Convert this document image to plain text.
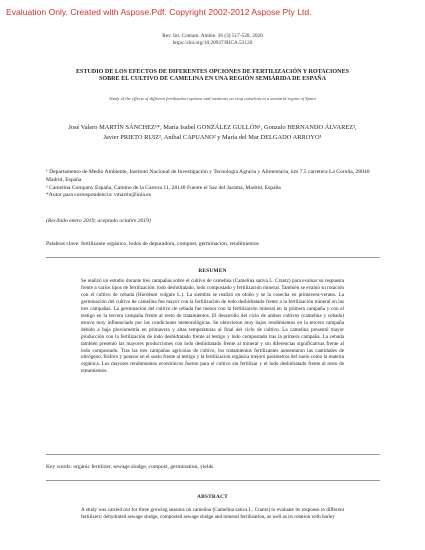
Evaluation Only. Created with Aspose.Pdf. Copyright 2002-2012 Aspose Pty Ltd.
Rev. Int. Contam. Ambie. 36 (3) 517-528, 2020
https://doi.org/10.20937/RICA.53120
ESTUDIO DE LOS EFECTOS DE DIFERENTES OPCIONES DE FERTILIZACIÓN Y ROTACIONES SOBRE EL CULTIVO DE CAMELINA EN UNA REGIÓN SEMIÁRIDA DE ESPAÑA
Study of the effects of different fertilization options and rotations on crop camelina in a semiarid region of Spain
José Valero MARTÍN SÁNCHEZ¹*, María Isabel GONZÁLEZ GULLÓN¹, Gonzalo HERNANDO ÁLVAREZ², Javier PRIETO RUIZ², Aníbal CAPUANO² y María del Mar DELGADO ARROYO¹

¹ Departamento de Medio Ambiente, Instituto Nacional de Investigación y Tecnología Agraria y Alimentaria, km 7.5 carretera La Coruña, 28040 Madrid, España

² Camelina Company España, Camino de la Carrera 11, 28140 Fuente el Saz del Jarama, Madrid, España

*Autor para correspondencia: vmartin@inia.es

(Recibido enero 2019; aceptado octubre 2019)
Palabras clave: fertilizante orgánico, lodos de depuradora, compost, germinación, rendimientos
RESUMEN
Se realizó un estudio durante tres campañas sobre el cultivo de camelina (Camelina sativa L. Crantz) para evaluar su respuesta frente a varios tipos de fertilización: lodo deshidratado, lodo compostado y fertilización mineral. También se evaluó su rotación con el cultivo de cebada (Hordeum vulgare L.). La siembra se realizó en otoño y se la cosecha en primavera-verano. La germinación del cultivo de camelina fue mayor con la fertilización de lodo deshidratado frente a la fertilización mineral en las tres campañas. La germinación del cultivo de cebada fue menor con la fertilización mineral en la primera campaña y con el testigo en la tercera campaña frente al resto de tratamientos. El desarrollo del ciclo de ambos cultivos (camelina y cebada) estuvo muy influenciado por las condiciones meteorológicas. Se obtuvieron muy bajos rendimientos en la tercera campaña debido a baja pluviometría en primavera y altas temperaturas al final del ciclo de cultivo. La camelina presentó mayor producción con la fertilización de lodo deshidratado frente al testigo y lodo compostado tras la primera campaña. La cebada también presentó las mayores producciones con lodo deshidratado frente al mineral y sin diferencias significativas frente al lodo compostado. Tras las tres campañas agrícolas de cultivo, los tratamientos fertilizantes aumentaron las cantidades de nitrógeno, fósforo y potasio en el suelo frente al testigo y la fertilización orgánica mejoró parámetros del suelo como la materia orgánica. Los mayores rendimientos económicos fueron para el cultivo sin fertilizar y el lodo deshidratado frente al resto de tratamientos.
Key words: organic fertilizer, sewage sludge, compost, germination, yields
ABSTRACT
A study was carried out for three growing seasons on camelina (Camelina sativa L. Crantz) to evaluate its response to different fertilizers: dehydrated sewage sludge, composted sewage sludge and mineral fertilization, as well as its rotation with barley
